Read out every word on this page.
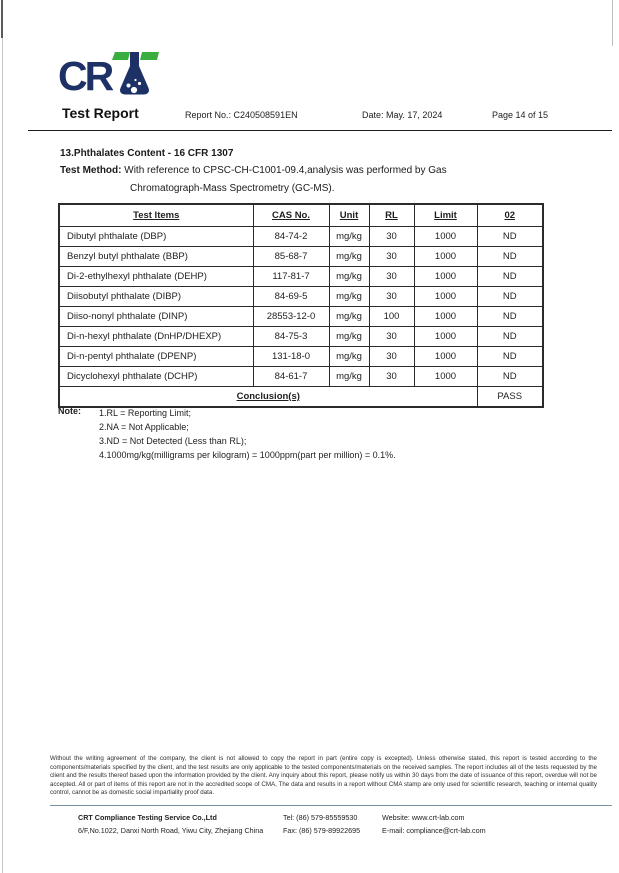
CR
Test Report	Report No.: C240508591EN	Date: May. 17, 2024	Page 14 of 15
13.Phthalates Content - 16 CFR 1307
Test Method: With reference to CPSC-CH-C1001-09.4,analysis was performed by Gas
Chromatograph-Mass Spectrometry (GC-MS).
Test Items	CAS No.	Unit	RL	Limit	02
Dibutyl phthalate (DBP)	84-74-2	mg/kg	30	1000	ND
Benzyl butyl phthalate (BBP)	85-68-7	mg/kg	30	1000	ND
Di-2-ethylhexyl phthalate (DEHP)	117-81-7	mg/kg	30	1000	ND
Diisobutyl phthalate (DIBP)	84-69-5	mg/kg	30	1000	ND
Diiso-nonyl phthalate (DINP)	28553-12-0	mg/kg	100	1000	ND
Di-n-hexyl phthalate (DnHP/DHEXP)	84-75-3	mg/kg	30	1000	ND
Di-n-pentyl phthalate (DPENP)	131-18-0	mg/kg	30	1000	ND
Dicyclohexyl phthalate (DCHP)	84-61-7	mg/kg	30	1000	ND
Conclusion(s)					PASS
Note:	1.RL = Reporting Limit;
2.NA = Not Applicable;
3.ND = Not Detected (Less than RL);
4.1000mg/kg(milligrams per kilogram) = 1000ppm(part per million) = 0.1%.
Without the writing agreement of the company, the client is not allowed to copy the report in part (entire copy is excepted). Unless otherwise stated, this report is tested according to the components/materials specified by the client, and the test results are only applicable to the tested components/materials on the received samples. The report includes all of the tests requested by the client and the results thereof based upon the information provided by the client. Any inquiry about this report, please notify us within 30 days from the date of issuance of this report, overdue will not be accepted. All or part of items of this report are not in the accredited scope of CMA, The data and results in a report without CMA stamp are only used for scientific research, teaching or internal quality control, cannot be as domestic social impartiality proof data.
CRT Compliance Testing Service Co.,Ltd
6/F,No.1022, Danxi North Road, Yiwu City, Zhejiang China
Tel: (86) 579-85559530
Fax: (86) 579-89922695
Website: www.crt-lab.com
E-mail: compliance@crt-lab.com
